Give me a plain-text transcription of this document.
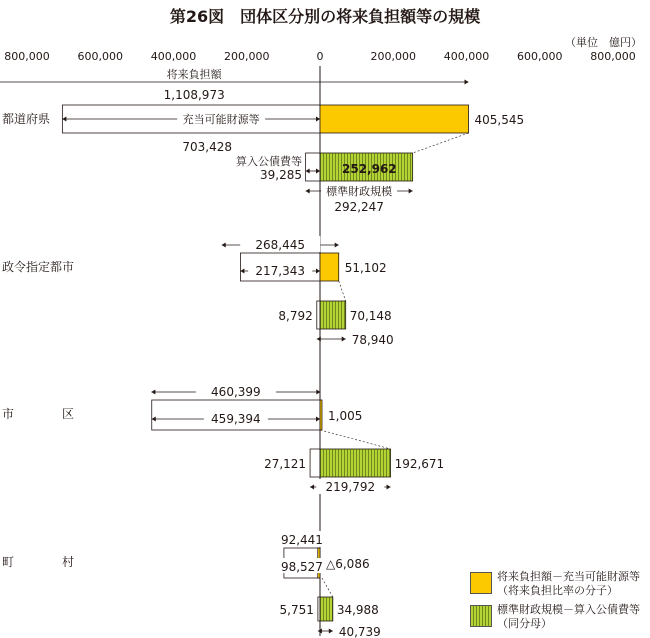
第26図　団体区分別の将来負担額等の規模
（単位　億円）
800,000	600,000	400,000	200,000	0	200,000	400,000	600,000	800,000
都道府県
将来負担額
1,108,973
充当可能財源等
703,428
405,545
算入公債費等
39,285	252,962
標準財政規模
292,247
政令指定都市
268,445
217,343	51,102
8,792	70,148
78,940
市　　　　区
460,399
459,394	1,005
27,121	192,671
219,792
町　　　　村
92,441
98,527 △6,086
5,751 34,988
40,739
将来負担額－充当可能財源等
（将来負担比率の分子）
標準財政規模－算入公債費等
（同分母）
